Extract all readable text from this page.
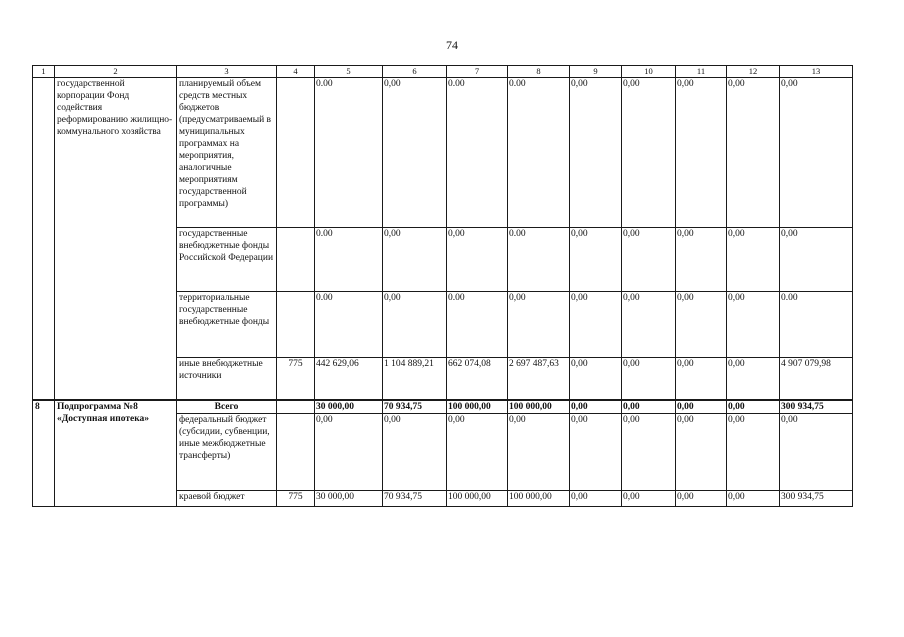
74
1	2	3	4	5	6	7	8	9	10	11	12	13
	государственной корпорации Фонд содействия реформированию жилищно-коммунального хозяйства	планируемый объем средств местных бюджетов (предусматриваемый в муниципальных программах на мероприятия, аналогичные мероприятиям государственной программы)		0.00	0,00	0.00	0.00	0,00	0,00	0,00	0,00	0,00
		государственные внебюджетные фонды Российской Федерации		0.00	0,00	0,00	0.00	0,00	0,00	0,00	0,00	0,00
		территориальные государственные внебюджетные фонды		0.00	0,00	0.00	0,00	0,00	0,00	0,00	0,00	0.00
		иные внебюджетные источники	775	442 629,06	1 104 889,21	662 074,08	2 697 487,63	0,00	0,00	0,00	0,00	4 907 079,98
8	Подпрограмма №8 «Доступная ипотека»	Всего		30 000,00	70 934,75	100 000,00	100 000,00	0,00	0,00	0,00	0,00	300 934,75
		федеральный бюджет (субсидии, субвенции, иные межбюджетные трансферты)		0,00	0,00	0,00	0,00	0,00	0,00	0,00	0,00	0,00
		краевой бюджет	775	30 000,00	70 934,75	100 000,00	100 000,00	0,00	0,00	0,00	0,00	300 934,75
